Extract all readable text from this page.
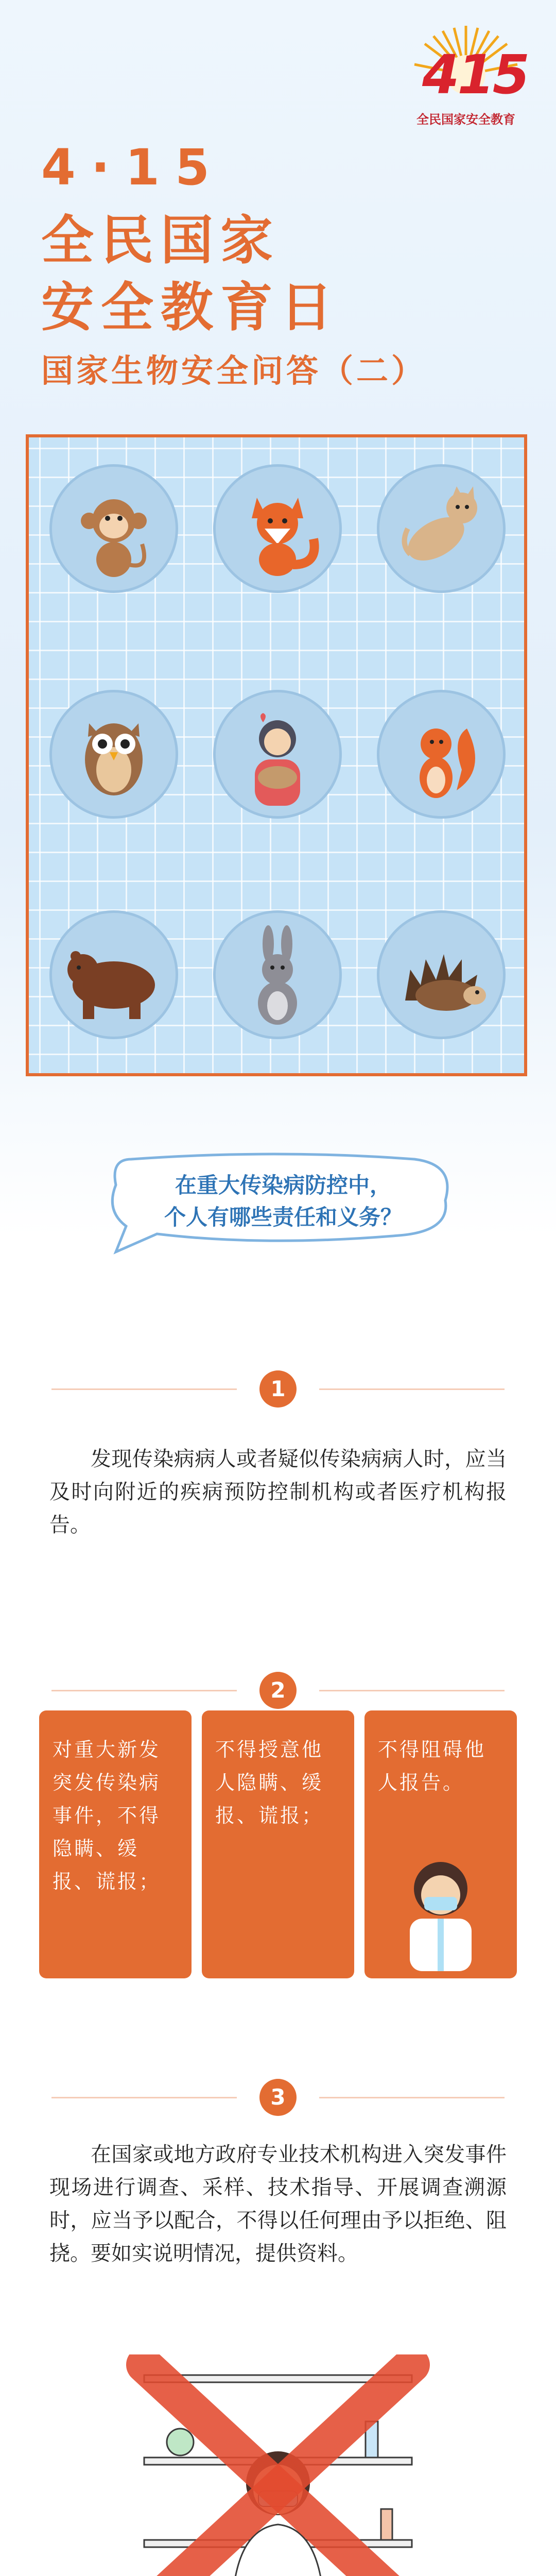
415
全民国家安全教育
4·15
全民国家
安全教育日
国家生物安全问答（二）
在重大传染病防控中，
个人有哪些责任和义务？
1
发现传染病病人或者疑似传染病病人时，应当及时向附近的疾病预防控制机构或者医疗机构报告。
2
对重大新发突发传染病事件，不得隐瞒、缓报、谎报；
不得授意他人隐瞒、缓报、谎报；
不得阻碍他人报告。
3
在国家或地方政府专业技术机构进入突发事件现场进行调查、采样、技术指导、开展调查溯源时，应当予以配合，不得以任何理由予以拒绝、阻挠。要如实说明情况，提供资料。
